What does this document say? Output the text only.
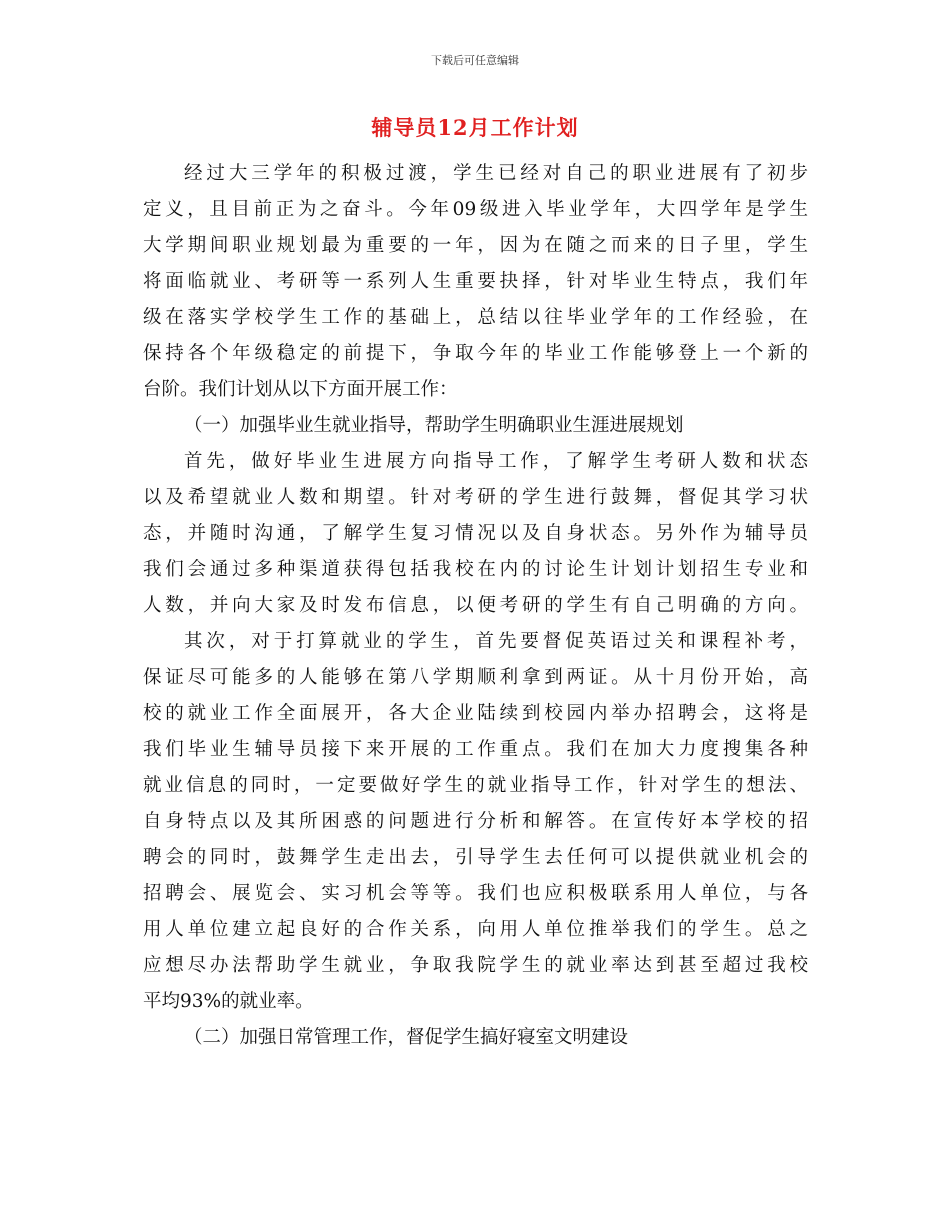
下载后可任意编辑
辅导员12月工作计划
经过大三学年的积极过渡，学生已经对自己的职业进展有了初步
定义，且目前正为之奋斗。今年09级进入毕业学年，大四学年是学生
大学期间职业规划最为重要的一年，因为在随之而来的日子里，学生
将面临就业、考研等一系列人生重要抉择，针对毕业生特点，我们年
级在落实学校学生工作的基础上，总结以往毕业学年的工作经验，在
保持各个年级稳定的前提下，争取今年的毕业工作能够登上一个新的
台阶。我们计划从以下方面开展工作：
（一）加强毕业生就业指导，帮助学生明确职业生涯进展规划
首先，做好毕业生进展方向指导工作，了解学生考研人数和状态
以及希望就业人数和期望。针对考研的学生进行鼓舞，督促其学习状
态，并随时沟通，了解学生复习情况以及自身状态。另外作为辅导员
我们会通过多种渠道获得包括我校在内的讨论生计划计划招生专业和
人数，并向大家及时发布信息，以便考研的学生有自己明确的方向。
其次，对于打算就业的学生，首先要督促英语过关和课程补考，
保证尽可能多的人能够在第八学期顺利拿到两证。从十月份开始，高
校的就业工作全面展开，各大企业陆续到校园内举办招聘会，这将是
我们毕业生辅导员接下来开展的工作重点。我们在加大力度搜集各种
就业信息的同时，一定要做好学生的就业指导工作，针对学生的想法、
自身特点以及其所困惑的问题进行分析和解答。在宣传好本学校的招
聘会的同时，鼓舞学生走出去，引导学生去任何可以提供就业机会的
招聘会、展览会、实习机会等等。我们也应积极联系用人单位，与各
用人单位建立起良好的合作关系，向用人单位推举我们的学生。总之
应想尽办法帮助学生就业，争取我院学生的就业率达到甚至超过我校
平均93%的就业率。
（二）加强日常管理工作，督促学生搞好寝室文明建设
